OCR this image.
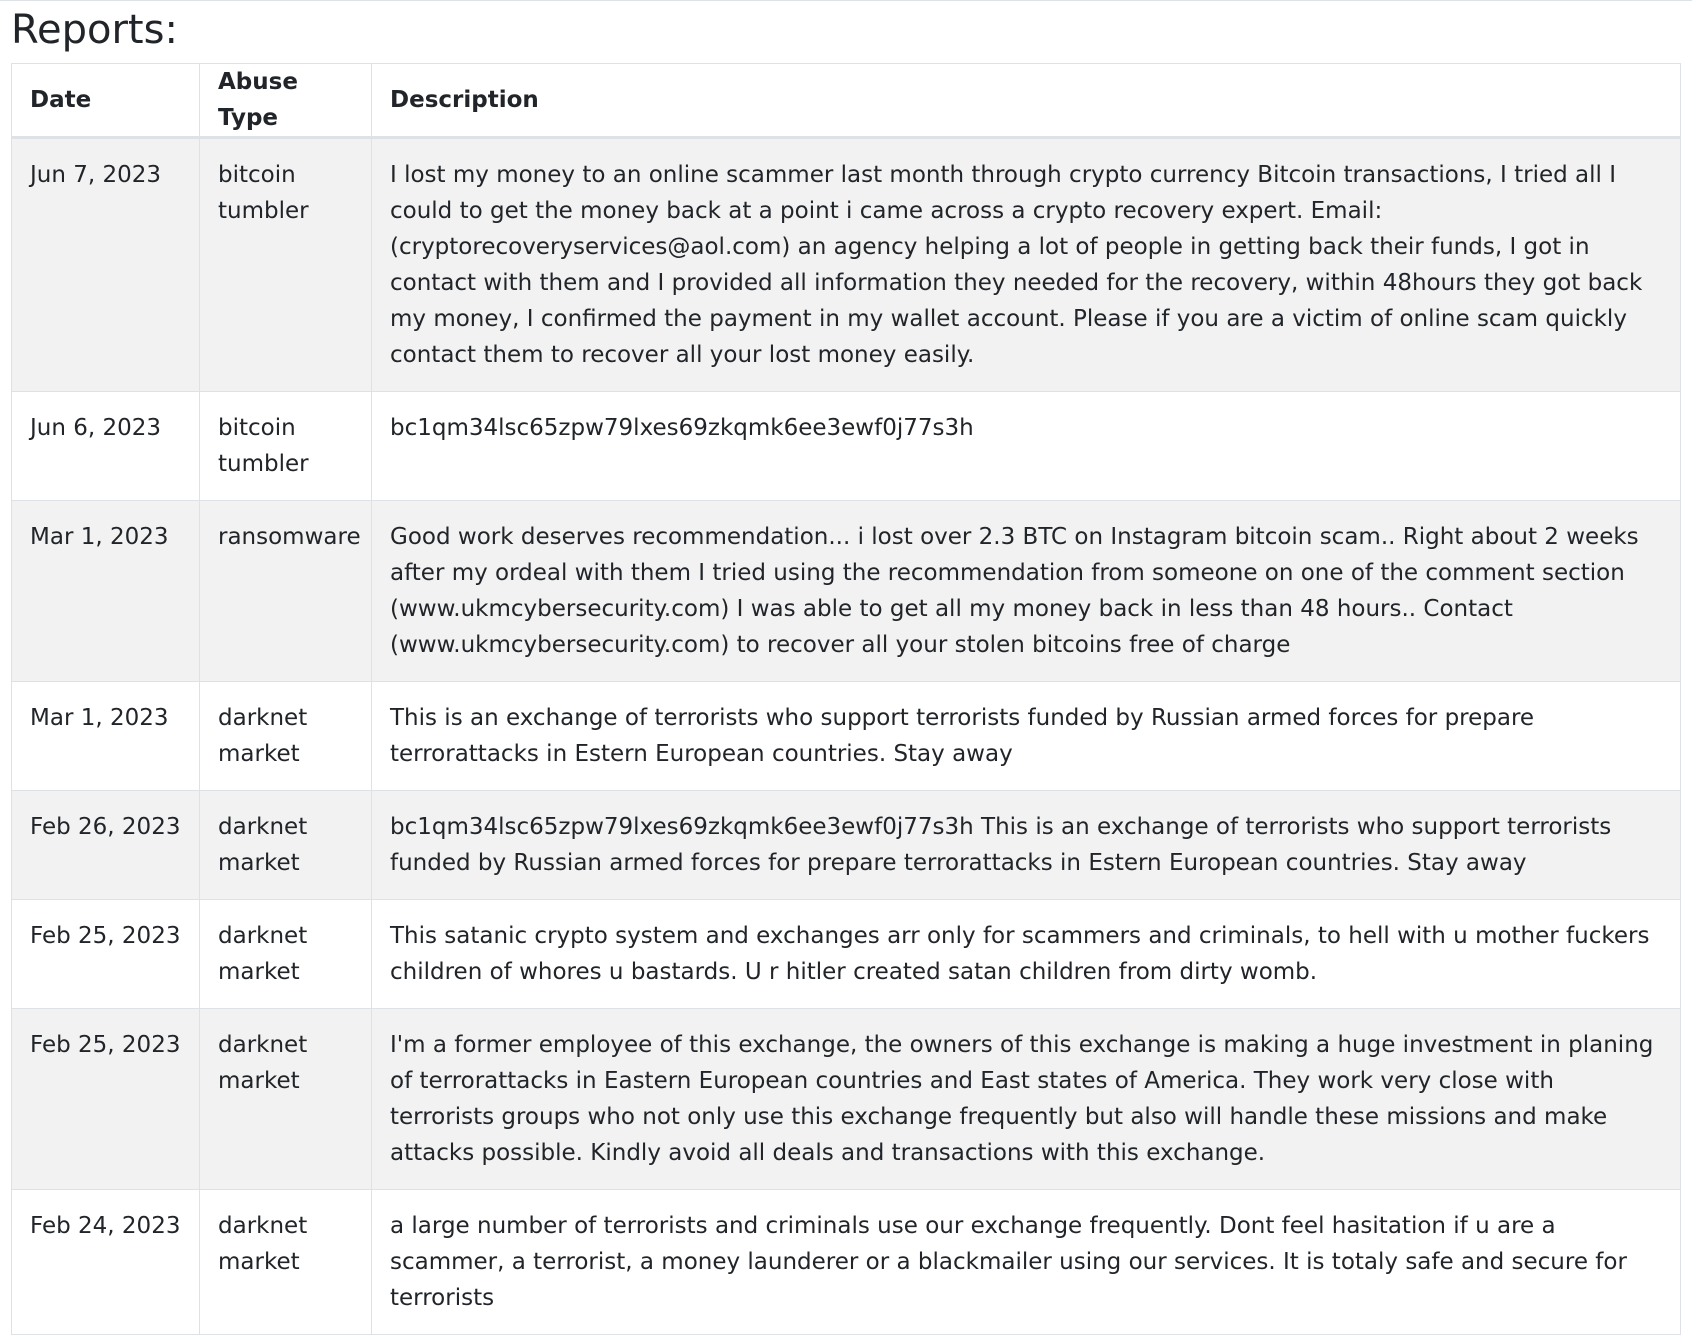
Reports:
Date	Abuse Type	Description
Jun 7, 2023	bitcoin tumbler	I lost my money to an online scammer last month through crypto currency Bitcoin transactions, I tried all I could to get the money back at a point i came across a crypto recovery expert. Email: (cryptorecoveryservices@aol.com) an agency helping a lot of people in getting back their funds, I got in contact with them and I provided all information they needed for the recovery, within 48hours they got back my money, I confirmed the payment in my wallet account. Please if you are a victim of online scam quickly contact them to recover all your lost money easily.
Jun 6, 2023	bitcoin tumbler	bc1qm34lsc65zpw79lxes69zkqmk6ee3ewf0j77s3h
Mar 1, 2023	ransomware	Good work deserves recommendation... i lost over 2.3 BTC on Instagram bitcoin scam.. Right about 2 weeks after my ordeal with them I tried using the recommendation from someone on one of the comment section (www.ukmcybersecurity.com) I was able to get all my money back in less than 48 hours.. Contact (www.ukmcybersecurity.com) to recover all your stolen bitcoins free of charge
Mar 1, 2023	darknet market	This is an exchange of terrorists who support terrorists funded by Russian armed forces for prepare terrorattacks in Estern European countries. Stay away
Feb 26, 2023	darknet market	bc1qm34lsc65zpw79lxes69zkqmk6ee3ewf0j77s3h This is an exchange of terrorists who support terrorists funded by Russian armed forces for prepare terrorattacks in Estern European countries. Stay away
Feb 25, 2023	darknet market	This satanic crypto system and exchanges arr only for scammers and criminals, to hell with u mother fuckers children of whores u bastards. U r hitler created satan children from dirty womb.
Feb 25, 2023	darknet market	I'm a former employee of this exchange, the owners of this exchange is making a huge investment in planing of terrorattacks in Eastern European countries and East states of America. They work very close with terrorists groups who not only use this exchange frequently but also will handle these missions and make attacks possible. Kindly avoid all deals and transactions with this exchange.
Feb 24, 2023	darknet market	a large number of terrorists and criminals use our exchange frequently. Dont feel hasitation if u are a scammer, a terrorist, a money launderer or a blackmailer using our services. It is totaly safe and secure for terrorists
